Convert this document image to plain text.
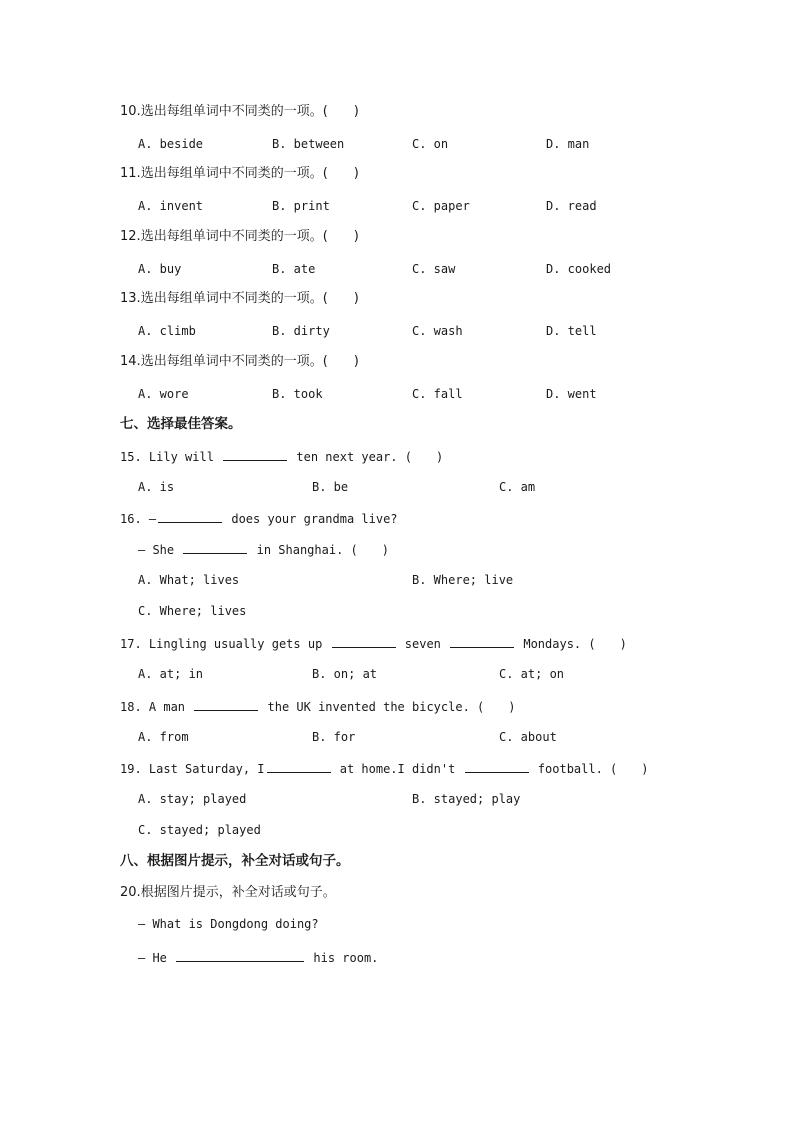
10.选出每组单词中不同类的一项。(　　)
A. beside	B. between	C. on	D. man
11.选出每组单词中不同类的一项。(　　)
A. invent	B. print	C. paper	D. read
12.选出每组单词中不同类的一项。(　　)
A. buy	B. ate	C. saw	D. cooked
13.选出每组单词中不同类的一项。(　　)
A. climb	B. dirty	C. wash	D. tell
14.选出每组单词中不同类的一项。(　　)
A. wore	B. took	C. fall	D. went
七、选择最佳答案。
15. Lily will	ten next year. (　　)
A. is	B. be	C. am
16. —	does your grandma live?
— She	in Shanghai. (　　)
A. What; lives	B. Where; live
C. Where; lives
17. Lingling usually gets up	seven	Mondays. (　　)
A. at; in	B. on; at	C. at; on
18. A man	the UK invented the bicycle. (　　)
A. from	B. for	C. about
19. Last Saturday, I	at home.I didn't	football. (　　)
A. stay; played	B. stayed; play
C. stayed; played
八、根据图片提示，补全对话或句子。
20.根据图片提示，补全对话或句子。
— What is Dongdong doing?
— He	his room.
